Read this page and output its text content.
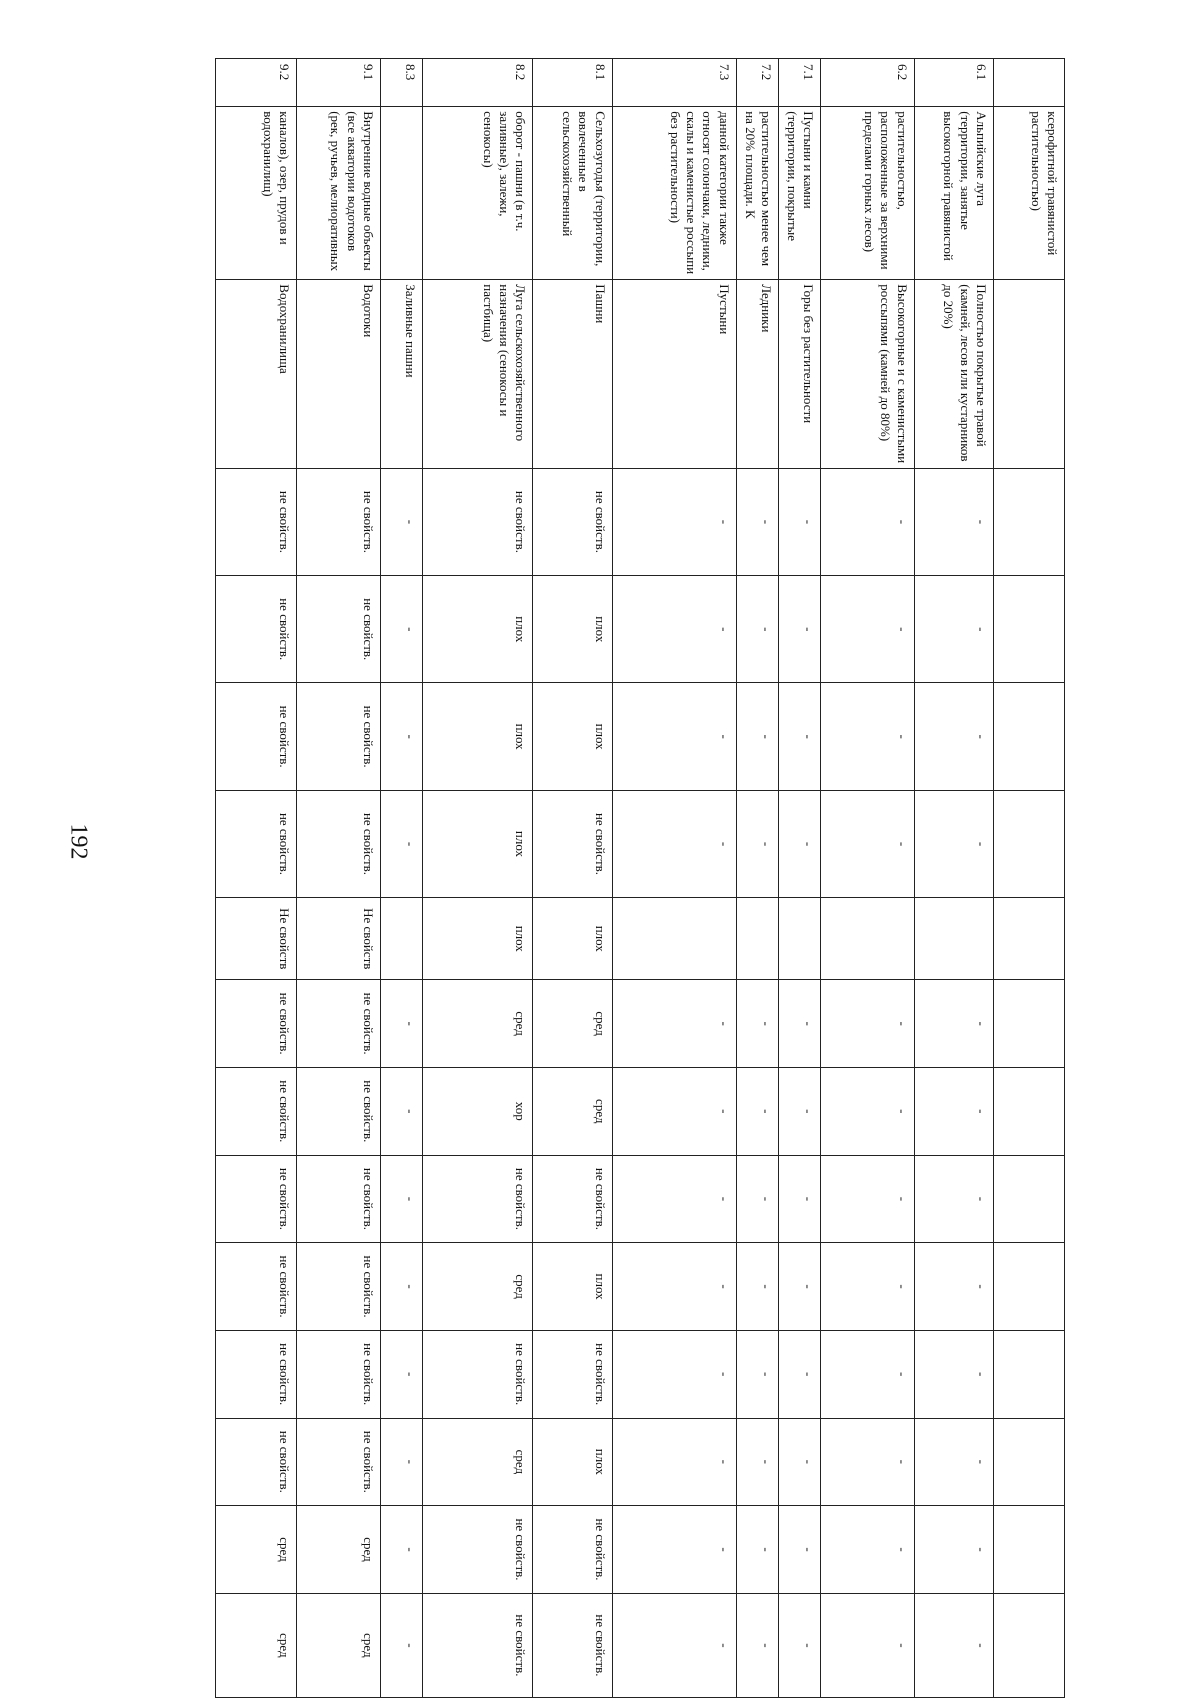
192
	ксерофитной травянистой растительностью)														
6.1	Альпийские луга (территории, занятые высокогорной травянистой	Полностью покрытые травой (камней, лесов или кустарников до 20%)	-	-	-	-		-	-	-	-	-	-	-	-
6.2	растительностью, расположенные за верхними пределами горных лесов)	Высокогорные и с каменистыми россыпями (камней до 80%)	-	-	-	-		-	-	-	-	-	-	-	-
7.1	Пустыни и камни (территории, покрытые	Горы без растительности	-	-	-	-		-	-	-	-	-	-	-	-
7.2	растительностью менее чем на 20% площади. К	Ледники	-	-	-	-		-	-	-	-	-	-	-	-
7.3	данной категории также относят солончаки, ледники, скалы и каменистые россыпи без растительности)	Пустыни	-	-	-	-		-	-	-	-	-	-	-	-
8.1	Сельхозугодья (территории, вовлеченные в сельскохозяйственный	Пашни	не свойств.	плох	плох	не свойств.	плох	сред	сред	не свойств.	плох	не свойств.	плох	не свойств.	не свойств.
8.2	оборот - пашни (в т.ч. заливные), залежи, сенокосы)	Луга сельскохозяйственного назначения (сенокосы и пастбища)	не свойств.	плох	плох	плох	плох	сред	хор	не свойств.	сред	не свойств.	сред	не свойств.	не свойств.
8.3		Заливные пашни	-	-	-	-		-	-	-	-	-	-	-	-
9.1	Внутренние водные объекты (все акватории водотоков (рек, ручьев, мелиоративных	Водотоки	не свойств.	не свойств.	не свойств.	не свойств.	Не свойств	не свойств.	не свойств.	не свойств.	не свойств.	не свойств.	не свойств.	сред	сред
9.2	каналов), озер, прудов и водохранилищ)	Водохранилища	не свойств.	не свойств.	не свойств.	не свойств.	Не свойств	не свойств.	не свойств.	не свойств.	не свойств.	не свойств.	не свойств.	сред	сред
